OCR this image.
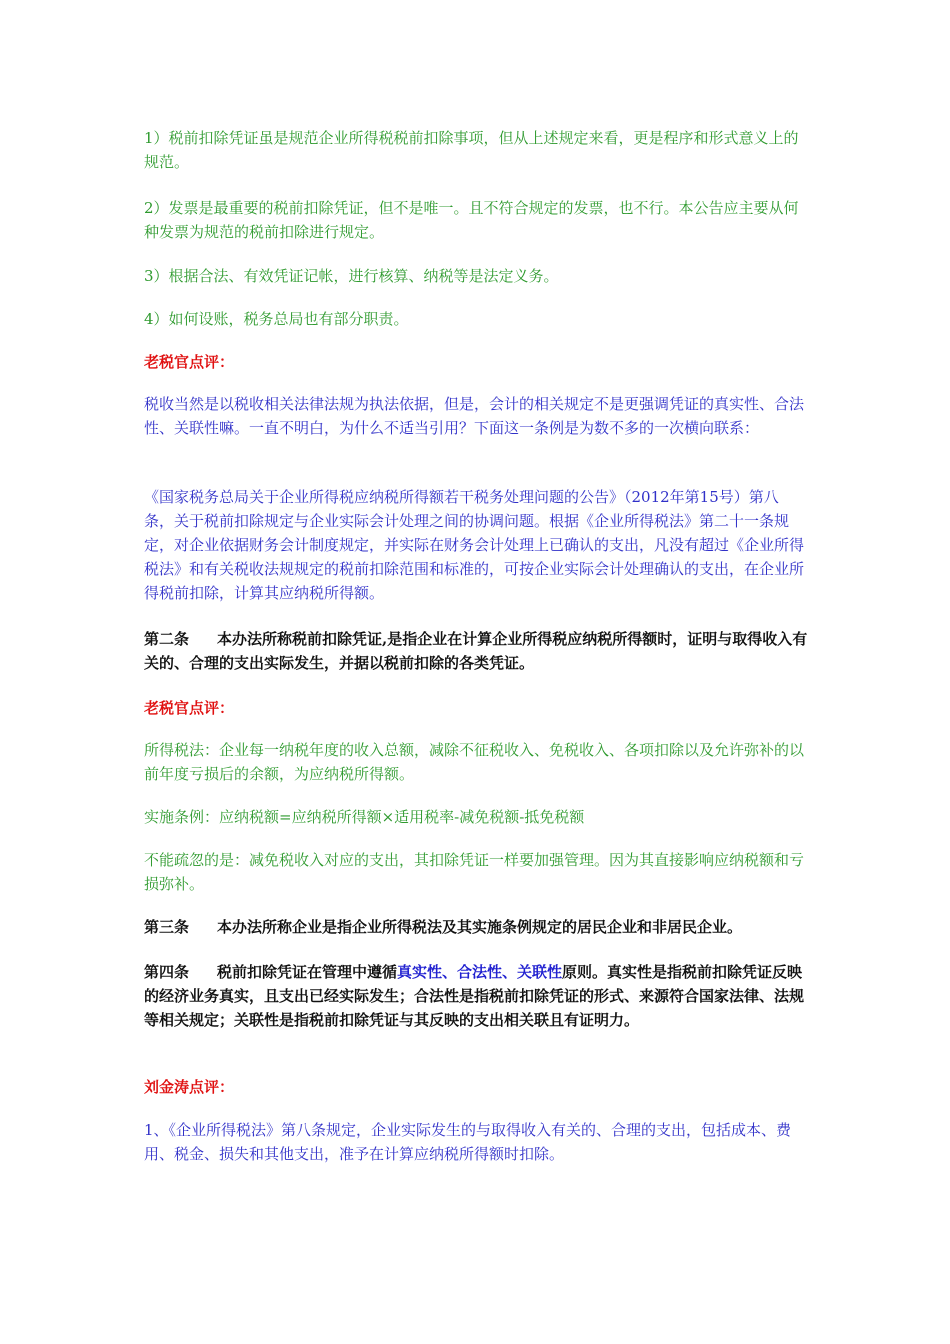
1）税前扣除凭证虽是规范企业所得税税前扣除事项，但从上述规定来看，更是程序和形式意义上的规范。

2）发票是最重要的税前扣除凭证，但不是唯一。且不符合规定的发票，也不行。本公告应主要从何种发票为规范的税前扣除进行规定。

3）根据合法、有效凭证记帐，进行核算、纳税等是法定义务。

4）如何设账，税务总局也有部分职责。

老税官点评：

税收当然是以税收相关法律法规为执法依据，但是，会计的相关规定不是更强调凭证的真实性、合法性、关联性嘛。一直不明白，为什么不适当引用？下面这一条例是为数不多的一次横向联系：

《国家税务总局关于企业所得税应纳税所得额若干税务处理问题的公告》（2012年第15号）第八条，关于税前扣除规定与企业实际会计处理之间的协调问题。根据《企业所得税法》第二十一条规定，对企业依据财务会计制度规定，并实际在财务会计处理上已确认的支出，凡没有超过《企业所得税法》和有关税收法规规定的税前扣除范围和标准的，可按企业实际会计处理确认的支出，在企业所得税前扣除，计算其应纳税所得额。

第二条 本办法所称税前扣除凭证,是指企业在计算企业所得税应纳税所得额时，证明与取得收入有关的、合理的支出实际发生，并据以税前扣除的各类凭证。

老税官点评：

所得税法：企业每一纳税年度的收入总额，减除不征税收入、免税收入、各项扣除以及允许弥补的以前年度亏损后的余额，为应纳税所得额。

实施条例：应纳税额=应纳税所得额×适用税率-减免税额-抵免税额

不能疏忽的是：减免税收入对应的支出，其扣除凭证一样要加强管理。因为其直接影响应纳税额和亏损弥补。

第三条 本办法所称企业是指企业所得税法及其实施条例规定的居民企业和非居民企业。

第四条 税前扣除凭证在管理中遵循真实性、合法性、关联性原则。真实性是指税前扣除凭证反映的经济业务真实，且支出已经实际发生；合法性是指税前扣除凭证的形式、来源符合国家法律、法规等相关规定；关联性是指税前扣除凭证与其反映的支出相关联且有证明力。

刘金涛点评：

1、《企业所得税法》第八条规定，企业实际发生的与取得收入有关的、合理的支出，包括成本、费用、税金、损失和其他支出，准予在计算应纳税所得额时扣除。
